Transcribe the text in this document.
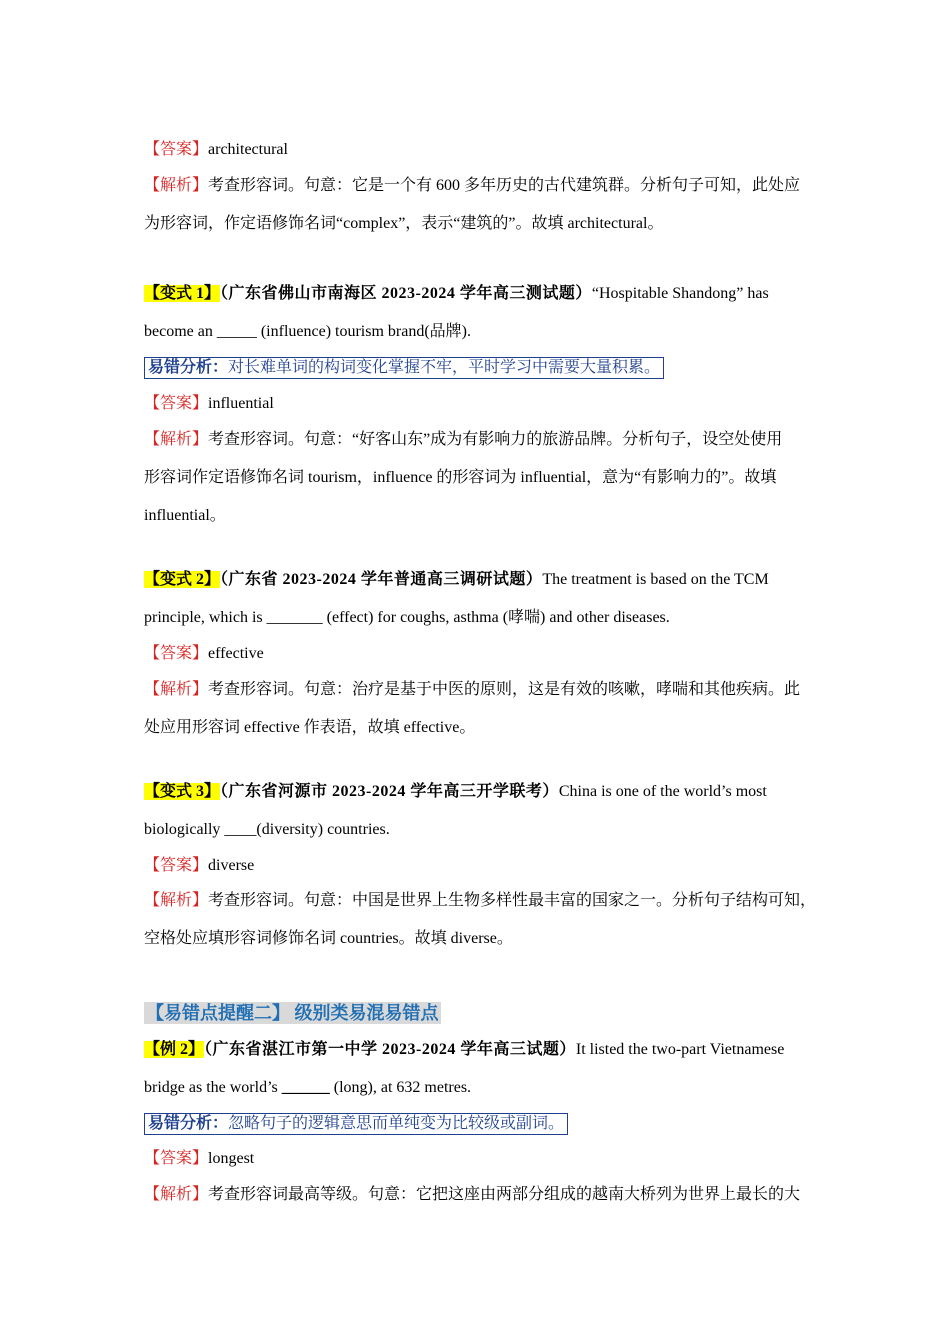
【答案】architectural
【解析】考查形容词。句意：它是一个有 600 多年历史的古代建筑群。分析句子可知，此处应
为形容词，作定语修饰名词“complex”，表示“建筑的”。故填 architectural。
【变式 1】（广东省佛山市南海区 2023-2024 学年高三测试题）“Hospitable Shandong” has
become an _____ (influence) tourism brand(品牌).
易错分析：对长难单词的构词变化掌握不牢，平时学习中需要大量积累。
【答案】influential
【解析】考查形容词。句意：“好客山东”成为有影响力的旅游品牌。分析句子，设空处使用
形容词作定语修饰名词 tourism，influence 的形容词为 influential，意为“有影响力的”。故填
influential。
【变式 2】（广东省 2023-2024 学年普通高三调研试题）The treatment is based on the TCM
principle, which is _______ (effect) for coughs, asthma (哮喘) and other diseases.
【答案】effective
【解析】考查形容词。句意：治疗是基于中医的原则，这是有效的咳嗽，哮喘和其他疾病。此
处应用形容词 effective 作表语，故填 effective。
【变式 3】（广东省河源市 2023-2024 学年高三开学联考）China is one of the world’s most
biologically ____(diversity) countries.
【答案】diverse
【解析】考查形容词。句意：中国是世界上生物多样性最丰富的国家之一。分析句子结构可知，
空格处应填形容词修饰名词 countries。故填 diverse。
【易错点提醒二】 级别类易混易错点
【例 2】（广东省湛江市第一中学 2023-2024 学年高三试题）It listed the two-part Vietnamese
bridge as the world’s ______ (long), at 632 metres.
易错分析：忽略句子的逻辑意思而单纯变为比较级或副词。
【答案】longest
【解析】考查形容词最高等级。句意：它把这座由两部分组成的越南大桥列为世界上最长的大
